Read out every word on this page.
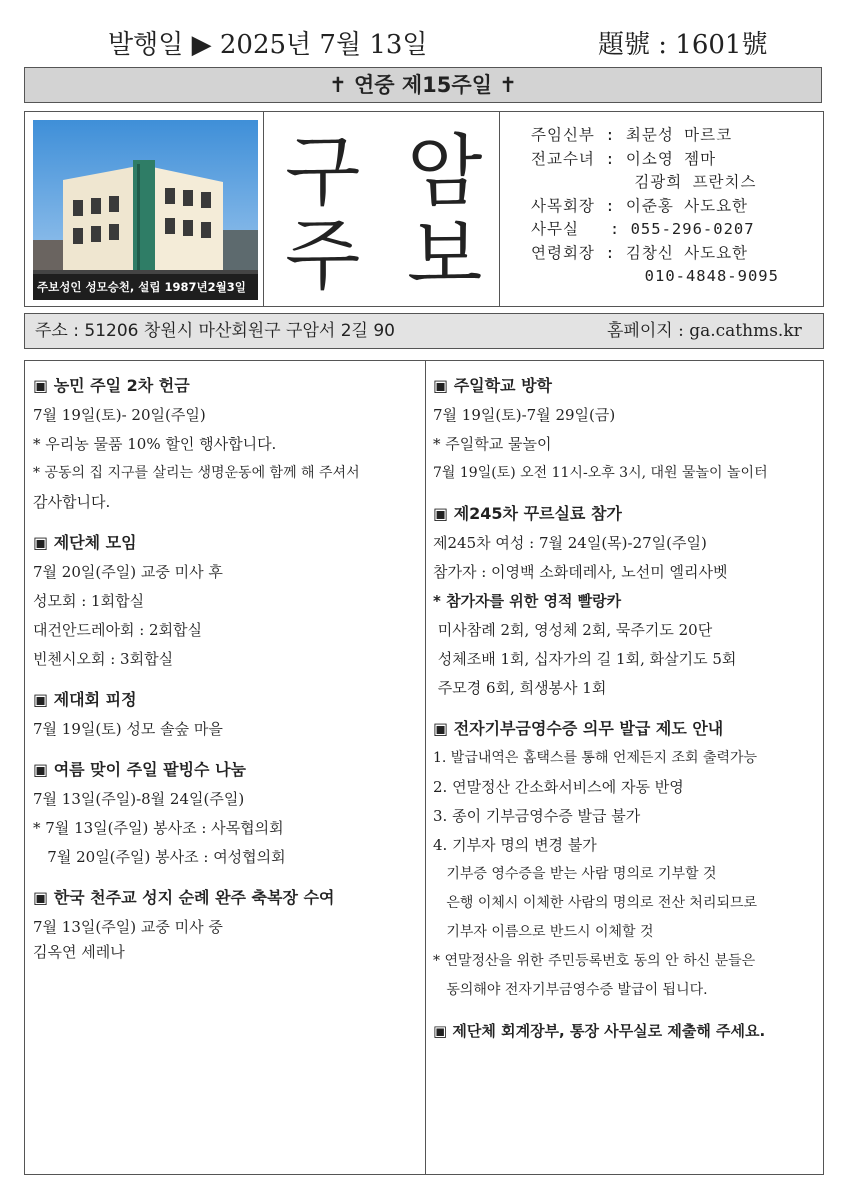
발행일 ▶ 2025년 7월 13일	題號 : 1601號
✝ 연중 제15주일 ✝
주보성인 성모승천, 설립 1987년2월3일
구 암
주 보
주임신부 : 최문성 마르코
전교수녀 : 이소영 젬마
김광희 프란치스
사목회장 : 이준홍 사도요한
사무실   : 055-296-0207
연령회장 : 김창신 사도요한
010-4848-9095
주소 : 51206 창원시 마산회원구 구암서 2길 90	홈페이지 : ga.cathms.kr
▣ 농민 주일 2차 헌금
7월 19일(토)- 20일(주일)
* 우리농 물품 10% 할인 행사합니다.
* 공동의 집 지구를 살리는 생명운동에 함께 해 주셔서
감사합니다.
▣ 제단체 모임
7월 20일(주일) 교중 미사 후
성모회 : 1회합실
대건안드레아회 : 2회합실
빈첸시오회 : 3회합실
▣ 제대회 피정
7월 19일(토) 성모 솔숲 마을
▣ 여름 맞이 주일 팥빙수 나눔
7월 13일(주일)-8월 24일(주일)
* 7월 13일(주일) 봉사조 : 사목협의회
7월 20일(주일) 봉사조 : 여성협의회
▣ 한국 천주교 성지 순례 완주 축복장 수여
7월 13일(주일) 교중 미사 중
김옥연 세레나
▣ 주일학교 방학
7월 19일(토)-7월 29일(금)
* 주일학교 물놀이
7월 19일(토) 오전 11시-오후 3시, 대원 물놀이 놀이터
▣ 제245차 꾸르실료 참가
제245차 여성 : 7월 24일(목)-27일(주일)
참가자 : 이영백 소화데레사, 노선미 엘리사벳
* 참가자를 위한 영적 빨랑카
미사참례 2회, 영성체 2회, 묵주기도 20단
성체조배 1회, 십자가의 길 1회, 화살기도 5회
주모경 6회, 희생봉사 1회
▣ 전자기부금영수증 의무 발급 제도 안내
1. 발급내역은 홈택스를 통해 언제든지 조회 출력가능
2. 연말정산 간소화서비스에 자동 반영
3. 종이 기부금영수증 발급 불가
4. 기부자 명의 변경 불가
기부증 영수증을 받는 사람 명의로 기부할 것
은행 이체시 이체한 사람의 명의로 전산 처리되므로
기부자 이름으로 반드시 이체할 것
* 연말정산을 위한 주민등록번호 동의 안 하신 분들은
동의해야 전자기부금영수증 발급이 됩니다.
▣ 제단체 회계장부, 통장 사무실로 제출해 주세요.
